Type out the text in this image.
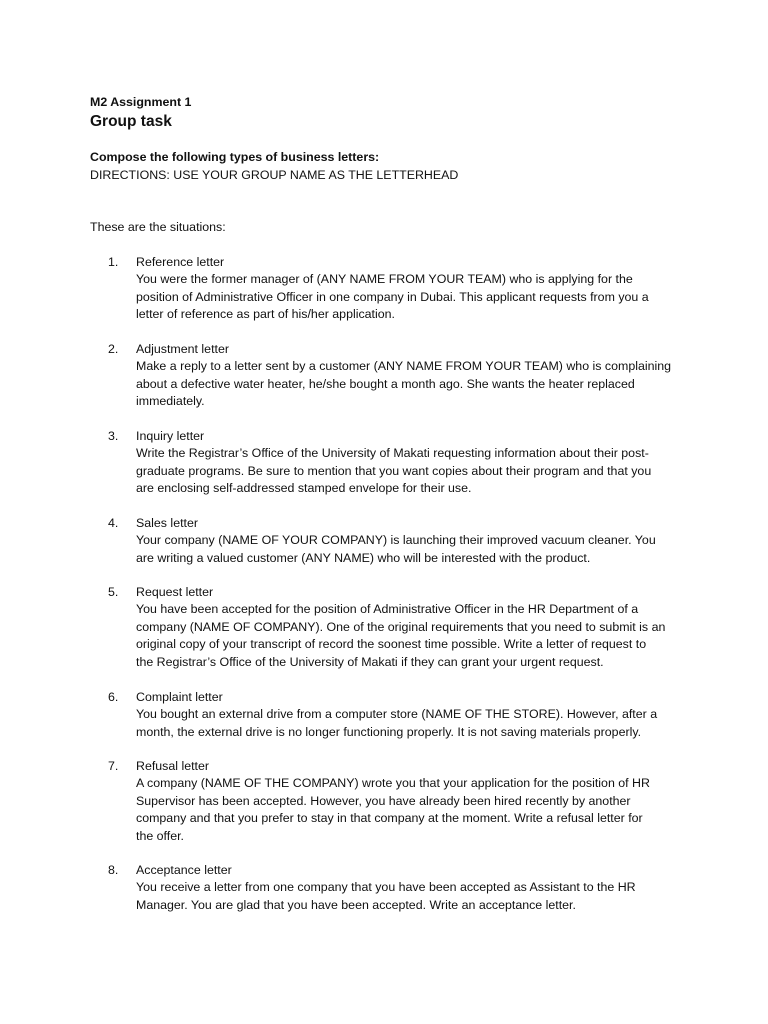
M2 Assignment 1

Group task

Compose the following types of business letters:

DIRECTIONS: USE YOUR GROUP NAME AS THE LETTERHEAD

These are the situations:

1. Reference letter
You were the former manager of (ANY NAME FROM YOUR TEAM) who is applying for the
position of Administrative Officer in one company in Dubai. This applicant requests from you a
letter of reference as part of his/her application.
2. Adjustment letter
Make a reply to a letter sent by a customer (ANY NAME FROM YOUR TEAM) who is complaining
about a defective water heater, he/she bought a month ago. She wants the heater replaced
immediately.
3. Inquiry letter
Write the Registrar’s Office of the University of Makati requesting information about their post-
graduate programs. Be sure to mention that you want copies about their program and that you
are enclosing self-addressed stamped envelope for their use.
4. Sales letter
Your company (NAME OF YOUR COMPANY) is launching their improved vacuum cleaner. You
are writing a valued customer (ANY NAME) who will be interested with the product.
5. Request letter
You have been accepted for the position of Administrative Officer in the HR Department of a
company (NAME OF COMPANY). One of the original requirements that you need to submit is an
original copy of your transcript of record the soonest time possible. Write a letter of request to
the Registrar’s Office of the University of Makati if they can grant your urgent request.
6. Complaint letter
You bought an external drive from a computer store (NAME OF THE STORE). However, after a
month, the external drive is no longer functioning properly. It is not saving materials properly.
7. Refusal letter
A company (NAME OF THE COMPANY) wrote you that your application for the position of HR
Supervisor has been accepted. However, you have already been hired recently by another
company and that you prefer to stay in that company at the moment. Write a refusal letter for
the offer.
8. Acceptance letter
You receive a letter from one company that you have been accepted as Assistant to the HR
Manager. You are glad that you have been accepted. Write an acceptance letter.
